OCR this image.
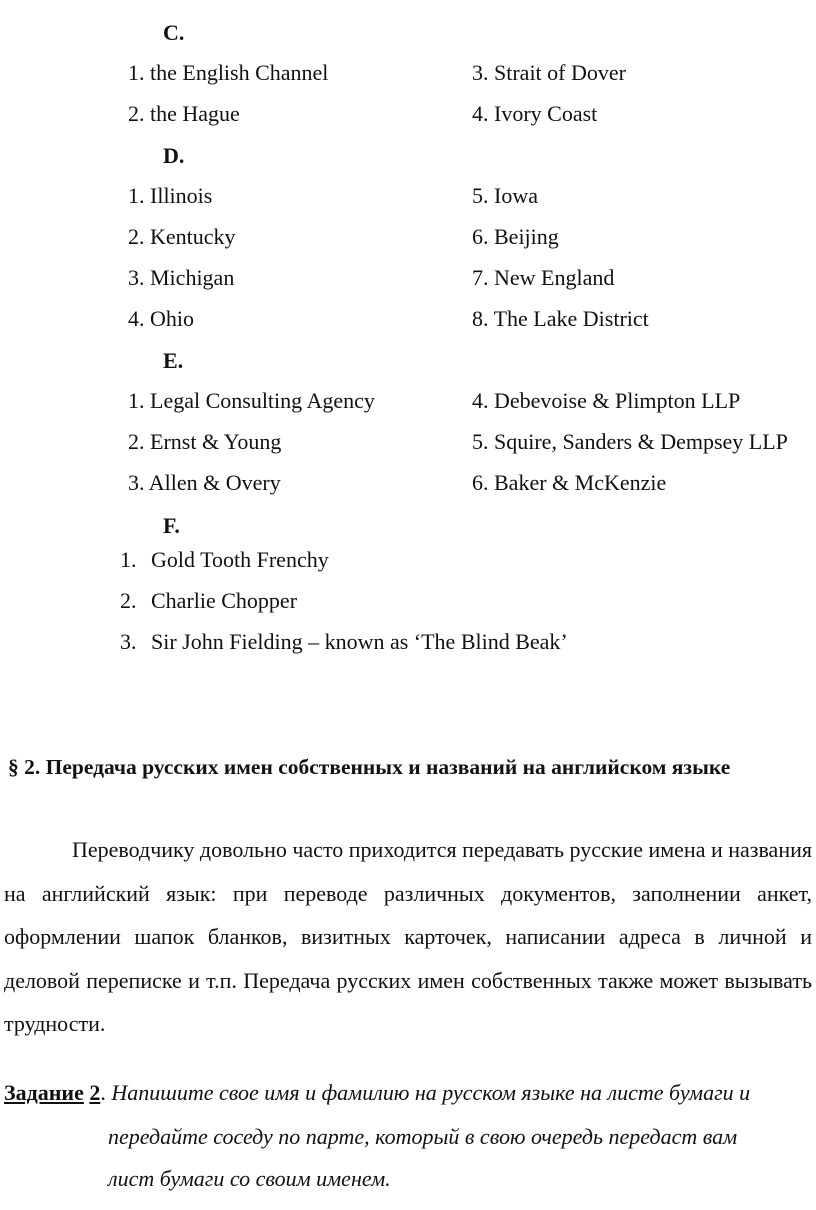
C.
1. the English Channel	3. Strait of Dover
2. the Hague	4. Ivory Coast
D.
1. Illinois	5. Iowa
2. Kentucky	6. Beijing
3. Michigan	7. New England
4. Ohio	8. The Lake District
E.
1. Legal Consulting Agency	4. Debevoise & Plimpton LLP
2. Ernst & Young	5. Squire, Sanders & Dempsey LLP
3. Allen & Overy	6. Baker & McKenzie
F.
1. Gold Tooth Frenchy
2. Charlie Chopper
3. Sir John Fielding – known as ‘The Blind Beak’
§ 2. Передача русских имен собственных и названий на английском языке
Переводчику довольно часто приходится передавать русские имена и названия на английский язык: при переводе различных документов, заполнении анкет, оформлении шапок бланков, визитных карточек, написании адреса в личной и деловой переписке и т.п. Передача русских имен собственных также может вызывать трудности.
Задание 2. Напишите свое имя и фамилию на русском языке на листе бумаги и
передайте соседу по парте, который в свою очередь передаст вам
лист бумаги со своим именем.
